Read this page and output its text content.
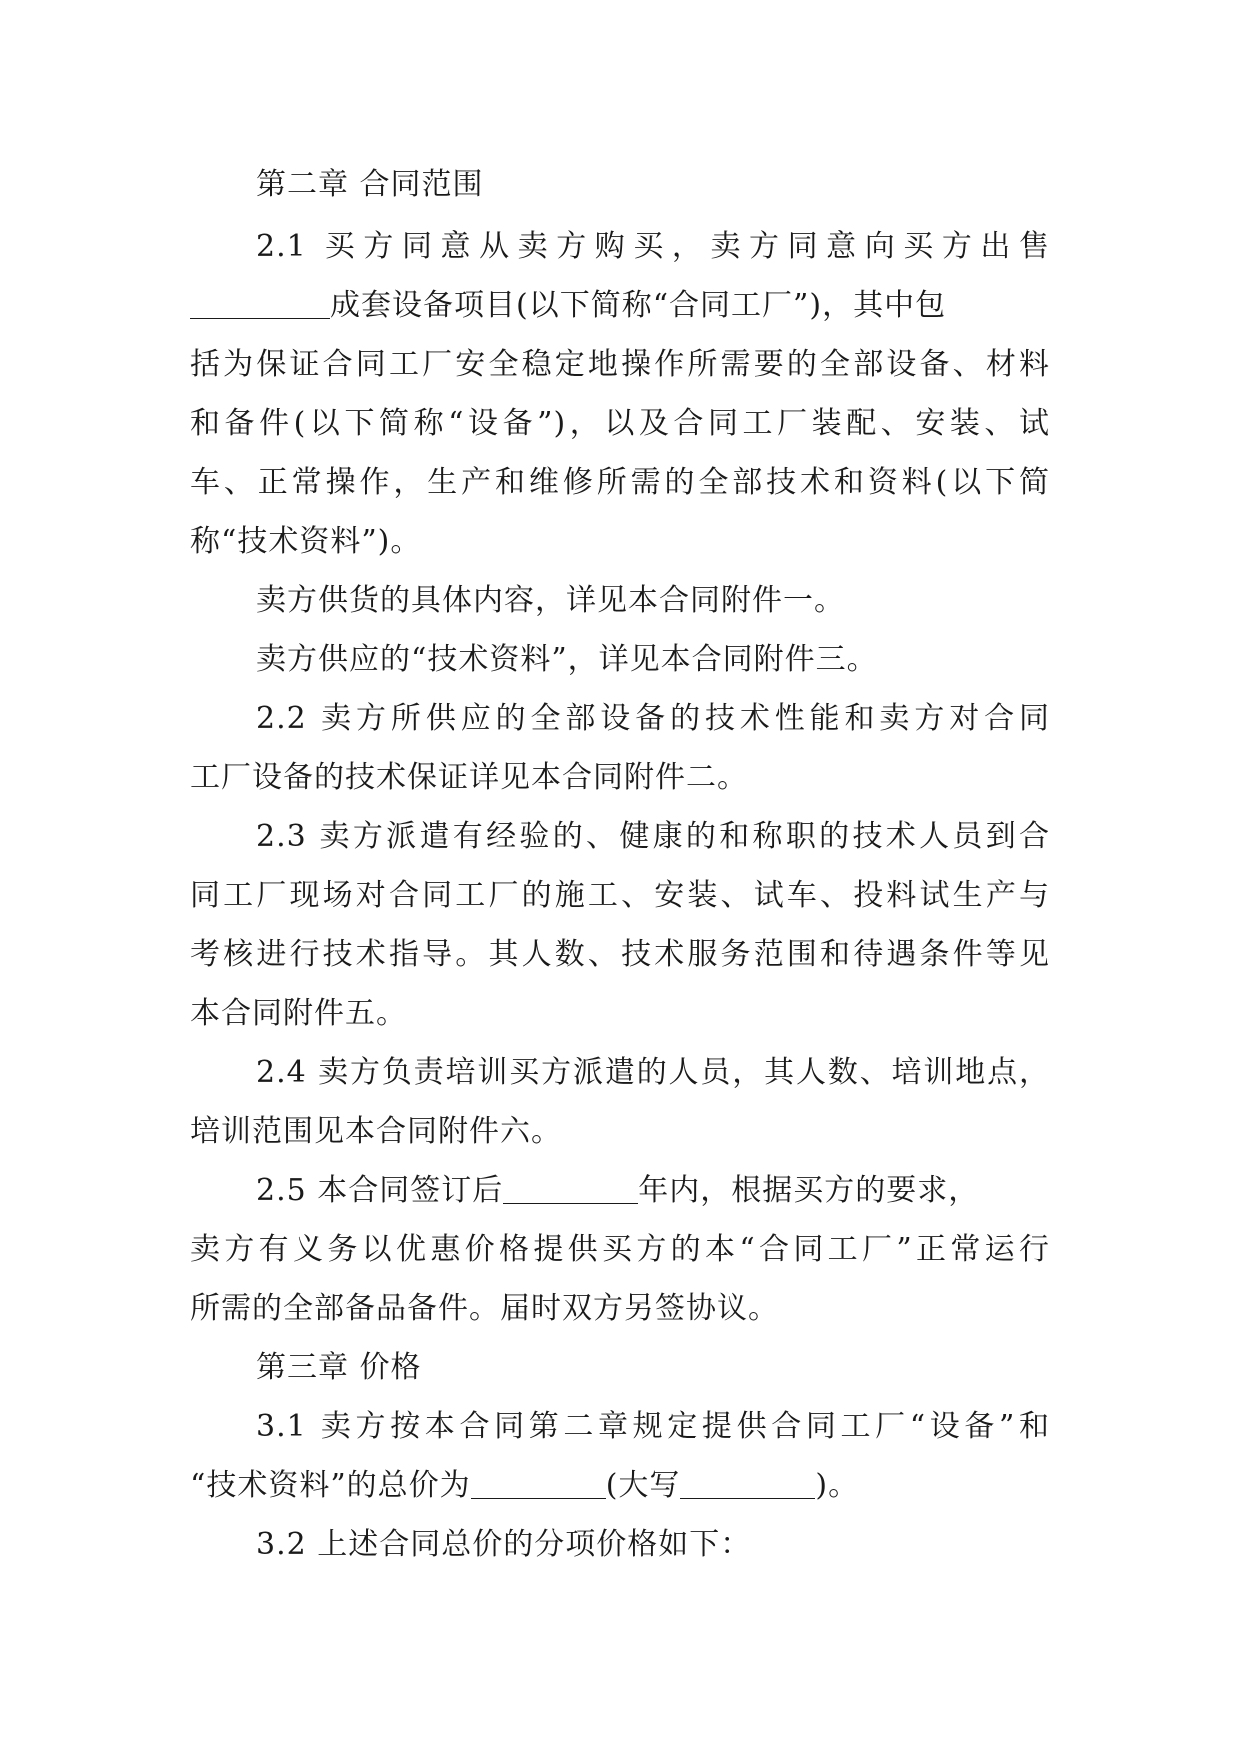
第二章 合同范围
2.1 买方同意从卖方购买，卖方同意向买方出售
成套设备项目(以下简称“合同工厂”)，其中包
括为保证合同工厂安全稳定地操作所需要的全部设备、材料
和备件(以下简称“设备”)，以及合同工厂装配、安装、试
车、正常操作，生产和维修所需的全部技术和资料(以下简
称“技术资料”)。
卖方供货的具体内容，详见本合同附件一。
卖方供应的“技术资料”，详见本合同附件三。
2.2 卖方所供应的全部设备的技术性能和卖方对合同
工厂设备的技术保证详见本合同附件二。
2.3 卖方派遣有经验的、健康的和称职的技术人员到合
同工厂现场对合同工厂的施工、安装、试车、投料试生产与
考核进行技术指导。其人数、技术服务范围和待遇条件等见
本合同附件五。
2.4 卖方负责培训买方派遣的人员，其人数、培训地点，
培训范围见本合同附件六。
2.5 本合同签订后	年内，根据买方的要求，
卖方有义务以优惠价格提供买方的本“合同工厂”正常运行
所需的全部备品备件。届时双方另签协议。
第三章 价格
3.1 卖方按本合同第二章规定提供合同工厂“设备”和
“技术资料”的总价为	(大写	)。
3.2 上述合同总价的分项价格如下：
